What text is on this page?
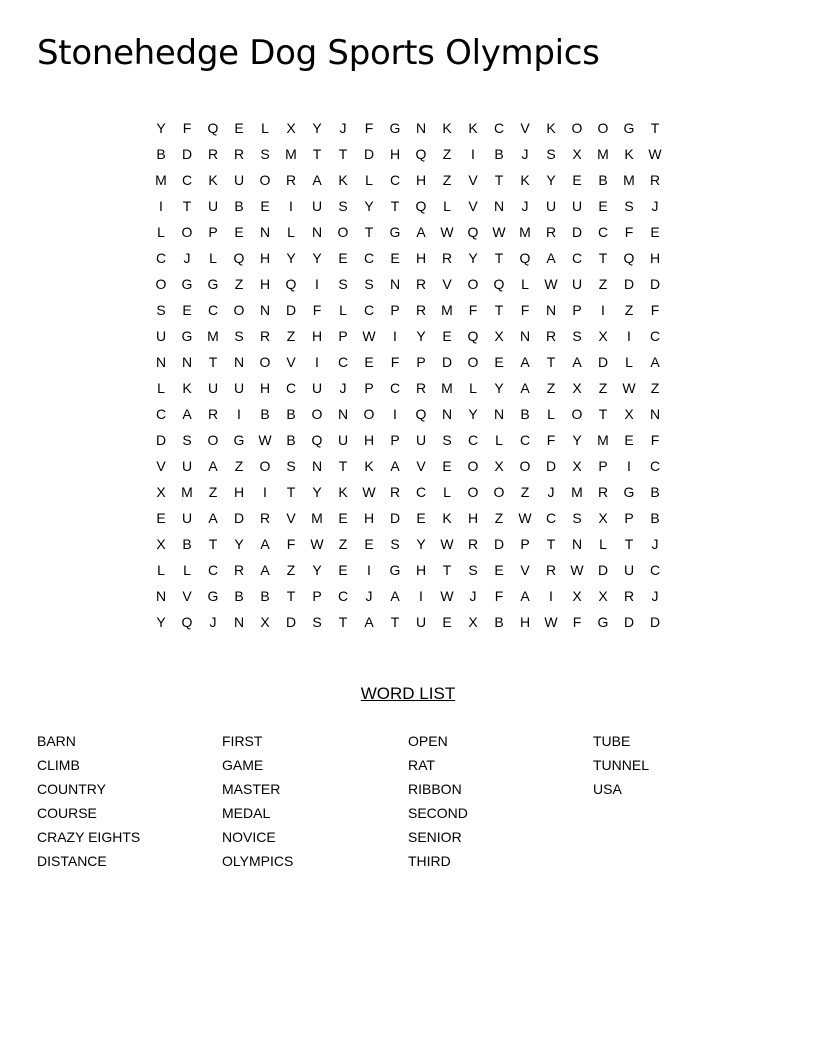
Stonehedge Dog Sports Olympics
Y	F	Q	E	L	X	Y	J	F	G	N	K	K	C	V	K	O	O	G	T
B	D	R	R	S	M	T	T	D	H	Q	Z	I	B	J	S	X	M	K	W
M	C	K	U	O	R	A	K	L	C	H	Z	V	T	K	Y	E	B	M	R
I	T	U	B	E	I	U	S	Y	T	Q	L	V	N	J	U	U	E	S	J
L	O	P	E	N	L	N	O	T	G	A	W Q W M	R	D	C	F	E
C	J	L	Q	H	Y	Y	E	C	E	H	R	Y	T	Q	A	C	T	Q	H
O	G	G	Z	H	Q	I	S	S	N	R	V	O	Q	L	W	U	Z	D	D
S	E	C	O	N	D	F	L	C	P	R	M	F	T	F	N	P	I	Z	F
U	G	M	S	R	Z	H	P	W	I	Y	E	Q	X	N	R	S	X	I	C
N	N	T	N	O	V	I	C	E	F	P	D	O	E	A	T	A	D	L	A
L	K	U	U	H	C	U	J	P	C	R	M	L	Y	A	Z	X	Z	W	Z
C	A	R	I	B	B	O	N	O	I	Q	N	Y	N	B	L	O	T	X	N
D	S	O	G W	B	Q	U	H	P	U	S	C	L	C	F	Y	M	E	F
V	U	A	Z	O	S	N	T	K	A	V	E	O	X	O	D	X	P	I	C
X	M	Z	H	I	T	Y	K	W	R	C	L	O	O	Z	J	M	R	G	B
E	U	A	D	R	V	M	E	H	D	E	K	H	Z	W	C	S	X	P	B
X	B	T	Y	A	F	W	Z	E	S	Y	W	R	D	P	T	N	L	T	J
L	L	C	R	A	Z	Y	E	I	G	H	T	S	E	V	R	W	D	U	C
N	V	G	B	B	T	P	C	J	A	I	W	J	F	A	I	X	X	R	J
Y	Q	J	N	X	D	S	T	A	T	U	E	X	B	H	W	F	G	D	D
WORD LIST
BARN
CLIMB
COUNTRY
COURSE
CRAZY EIGHTS
DISTANCE
FIRST
GAME
MASTER
MEDAL
NOVICE
OLYMPICS
OPEN
RAT
RIBBON
SECOND
SENIOR
THIRD
TUBE
TUNNEL
USA
